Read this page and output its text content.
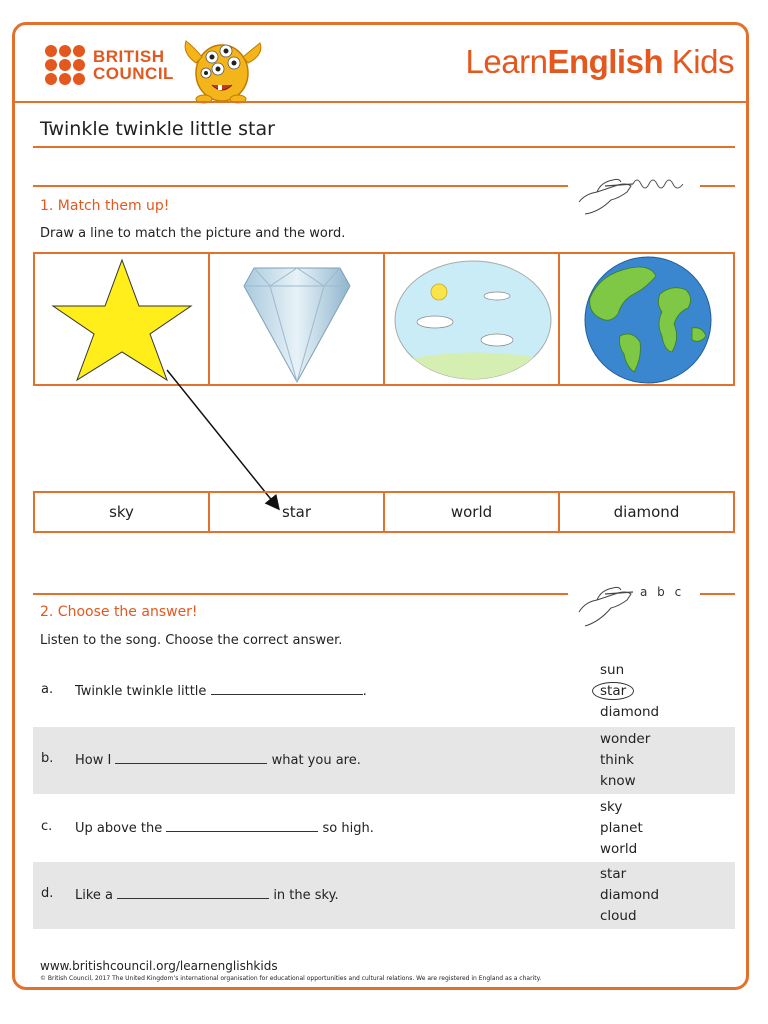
BRITISH
COUNCIL	LearnEnglish Kids
Twinkle twinkle little star
1. Match them up!
Draw a line to match the picture and the word.
sky	star	world	diamond
a b c
2. Choose the answer!
Listen to the song. Choose the correct answer.
a. Twinkle twinkle little	.
sun
star
diamond
b. How I	what you are.
wonder
think
know
c. Up above the	so high.
sky
planet
world
d. Like a	in the sky.
star
diamond
cloud
www.britishcouncil.org/learnenglishkids
© British Council, 2017 The United Kingdom’s international organisation for educational opportunities and cultural relations. We are registered in England as a charity.
